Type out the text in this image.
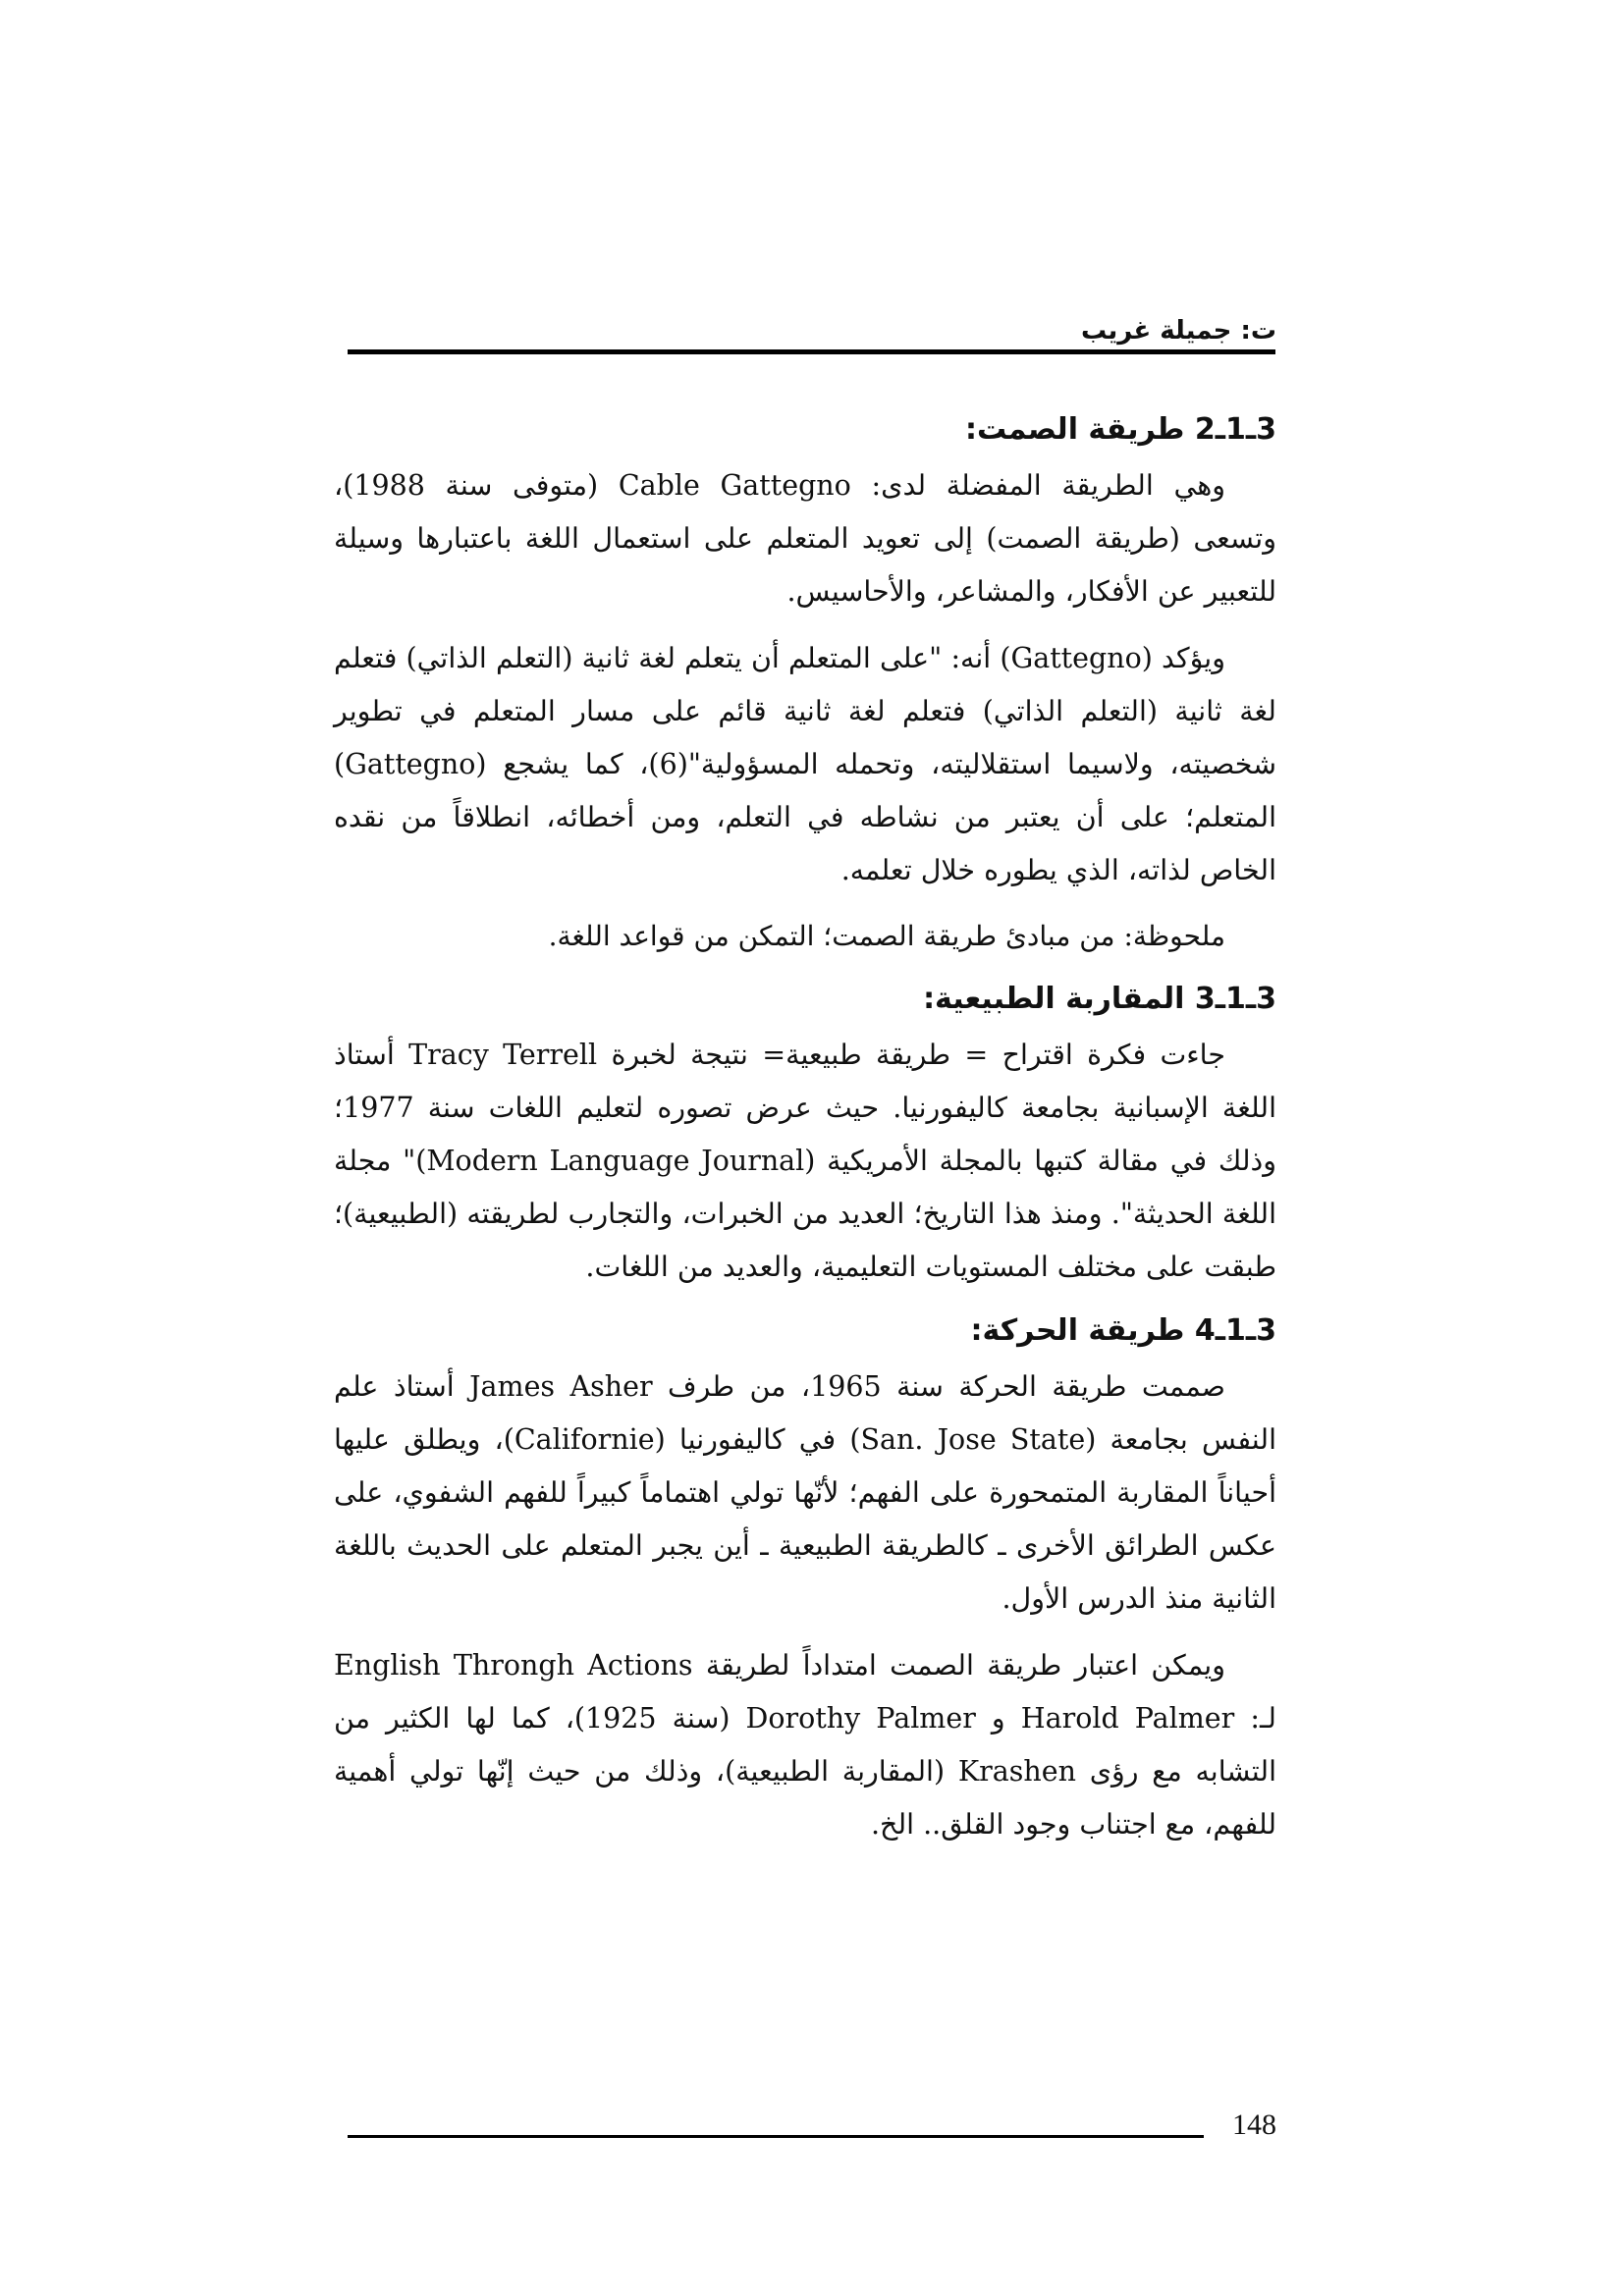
ت: جميلة غريب
3ـ1ـ2 طريقة الصمت:

وهي الطريقة المفضلة لدى: Cable Gattegno (متوفى سنة 1988)، وتسعى (طريقة الصمت) إلى تعويد المتعلم على استعمال اللغة باعتبارها وسيلة للتعبير عن الأفكار، والمشاعر، والأحاسيس.

ويؤكد (Gattegno) أنه: "على المتعلم أن يتعلم لغة ثانية (التعلم الذاتي) فتعلم لغة ثانية (التعلم الذاتي) فتعلم لغة ثانية قائم على مسار المتعلم في تطوير شخصيته، ولاسيما استقلاليته، وتحمله المسؤولية"(6)، كما يشجع (Gattegno) المتعلم؛ على أن يعتبر من نشاطه في التعلم، ومن أخطائه، انطلاقاً من نقده الخاص لذاته، الذي يطوره خلال تعلمه.

ملحوظة: من مبادئ طريقة الصمت؛ التمكن من قواعد اللغة.

3ـ1ـ3 المقاربة الطبيعية:

جاءت فكرة اقتراح = طريقة طبيعية= نتيجة لخبرة Tracy Terrell أستاذ اللغة الإسبانية بجامعة كاليفورنيا. حيث عرض تصوره لتعليم اللغات سنة 1977؛ وذلك في مقالة كتبها بالمجلة الأمريكية (Modern Language Journal)" مجلة اللغة الحديثة". ومنذ هذا التاريخ؛ العديد من الخبرات، والتجارب لطريقته (الطبيعية)؛ طبقت على مختلف المستويات التعليمية، والعديد من اللغات.

3ـ1ـ4 طريقة الحركة:

صممت طريقة الحركة سنة 1965، من طرف James Asher أستاذ علم النفس بجامعة (San. Jose State) في كاليفورنيا (Californie)، ويطلق عليها أحياناً المقاربة المتمحورة على الفهم؛ لأنّها تولي اهتماماً كبيراً للفهم الشفوي، على عكس الطرائق الأخرى ـ كالطريقة الطبيعية ـ أين يجبر المتعلم على الحديث باللغة الثانية منذ الدرس الأول.

ويمكن اعتبار طريقة الصمت امتداداً لطريقة English Throngh Actions لـ: Harold Palmer و Dorothy Palmer (سنة 1925)، كما لها الكثير من التشابه مع رؤى Krashen (المقاربة الطبيعية)، وذلك من حيث إنّها تولي أهمية للفهم، مع اجتناب وجود القلق.. الخ.

148
